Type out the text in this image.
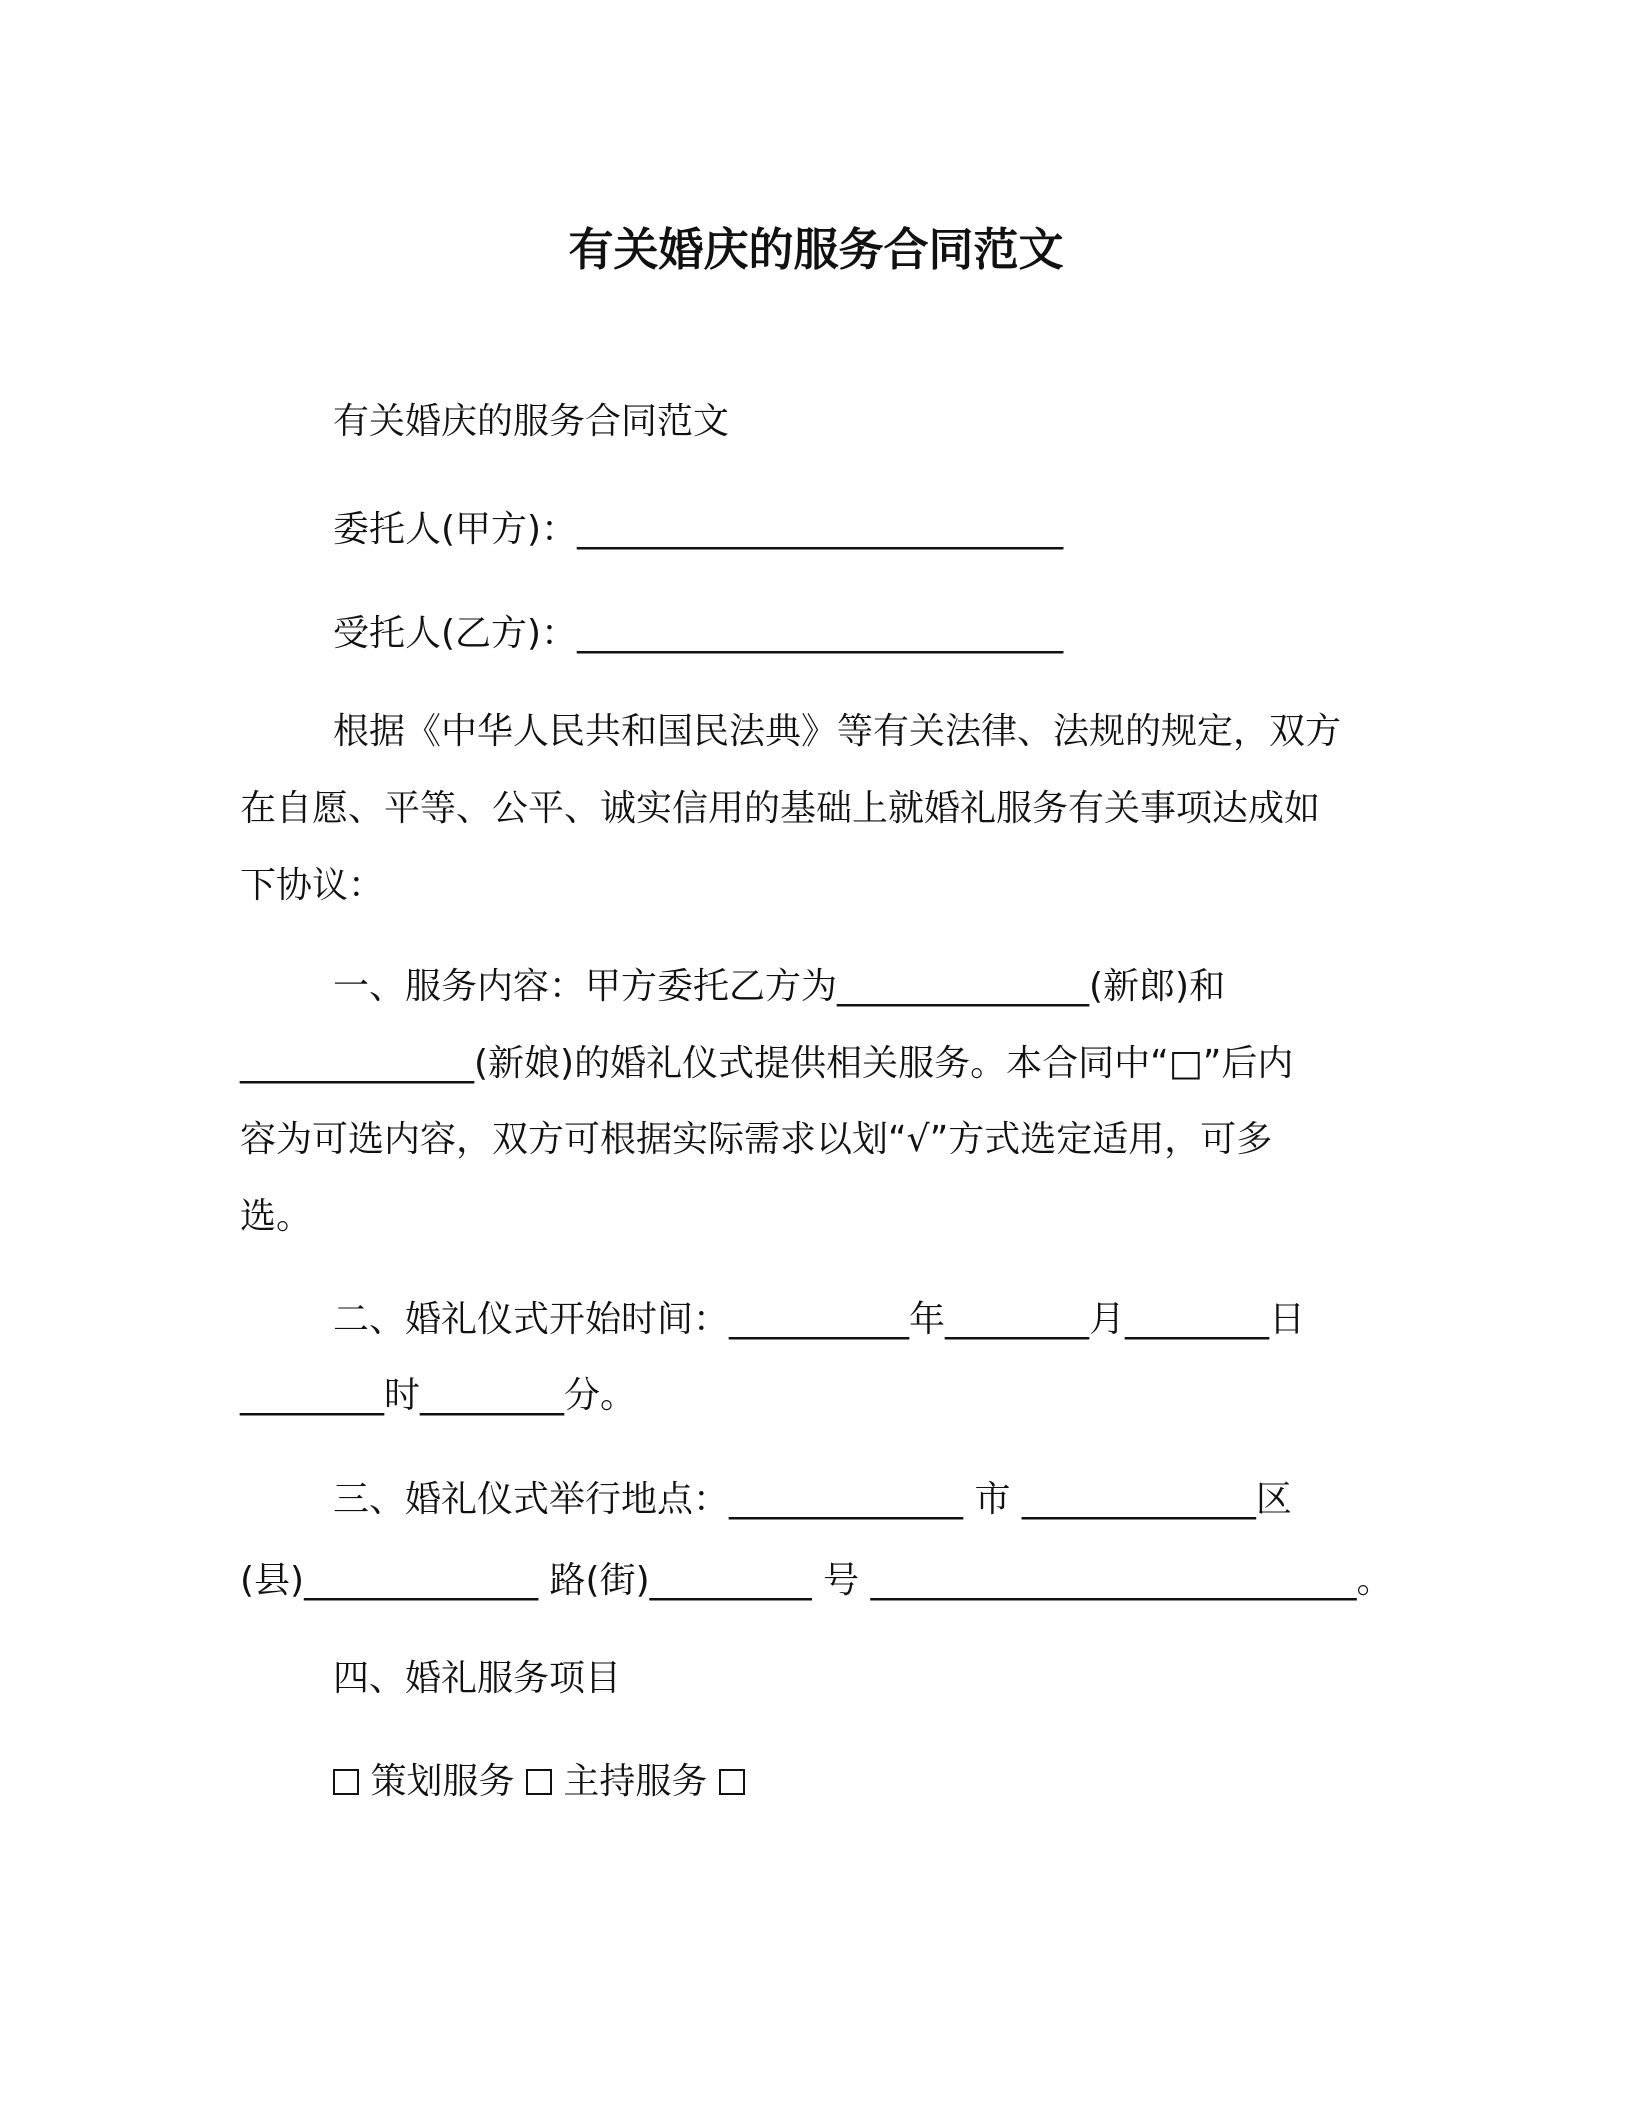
有关婚庆的服务合同范文
有关婚庆的服务合同范文
委托人(甲方)：___________________________
受托人(乙方)：___________________________
根据《中华人民共和国民法典》等有关法律、法规的规定，双方
在自愿、平等、公平、诚实信用的基础上就婚礼服务有关事项达成如
下协议：
一、服务内容：甲方委托乙方为______________(新郎)和
_____________(新娘)的婚礼仪式提供相关服务。本合同中“□”后内
容为可选内容，双方可根据实际需求以划“√”方式选定适用，可多
选。
二、婚礼仪式开始时间：__________年________月________日
________时________分。
三、婚礼仪式举行地点：_____________ 市 _____________区
(县)_____________ 路(街)_________ 号 ___________________________。
四、婚礼服务项目
策划服务 主持服务
